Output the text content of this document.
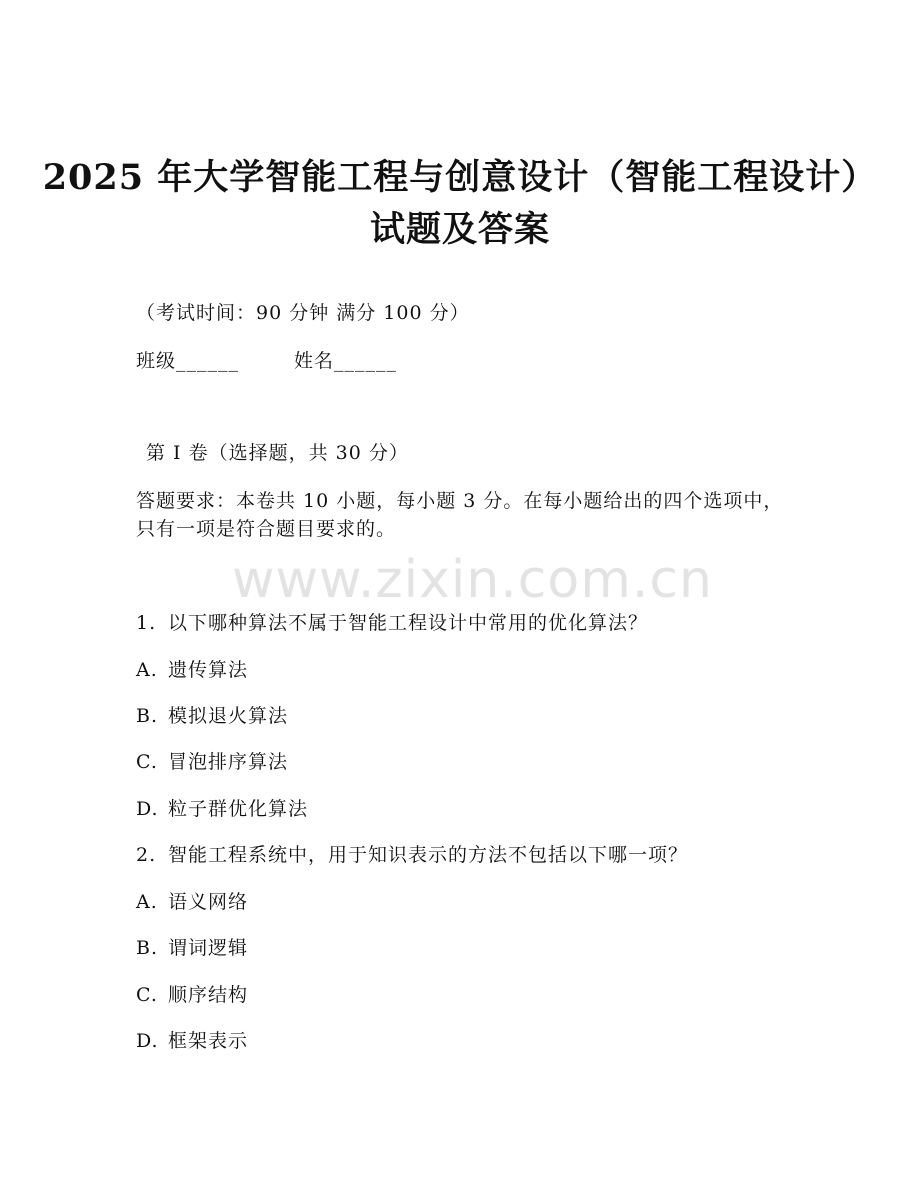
2025 年大学智能工程与创意设计（智能工程设计）试题及答案
（考试时间：90 分钟 满分 100 分）
班级______	姓名______
第 I 卷（选择题，共 30 分）
答题要求：本卷共 10 小题，每小题 3 分。在每小题给出的四个选项中，只有一项是符合题目要求的。
www.zixin.com.cn
1. 以下哪种算法不属于智能工程设计中常用的优化算法？
A. 遗传算法
B. 模拟退火算法
C. 冒泡排序算法
D. 粒子群优化算法
2. 智能工程系统中，用于知识表示的方法不包括以下哪一项？
A. 语义网络
B. 谓词逻辑
C. 顺序结构
D. 框架表示
